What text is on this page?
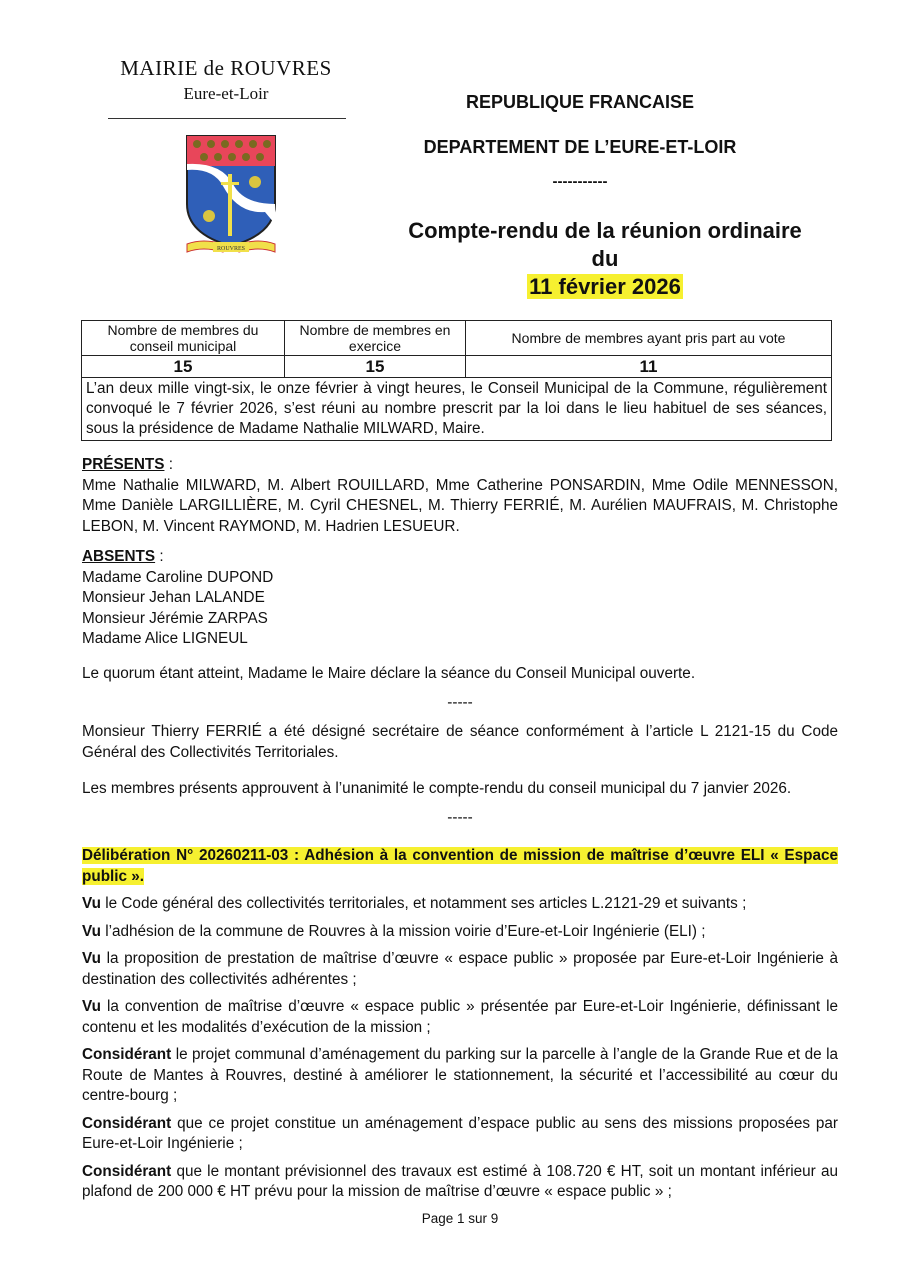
MAIRIE de ROUVRES
Eure-et-Loir
ROUVRES
REPUBLIQUE FRANCAISE
DEPARTEMENT DE L’EURE-ET-LOIR
-----------
Compte-rendu de la réunion ordinaire
du
11 février 2026
Nombre de membres du conseil municipal	Nombre de membres en exercice	Nombre de membres ayant pris part au vote
15	15	11
L’an deux mille vingt-six, le onze février à vingt heures, le Conseil Municipal de la Commune, régulièrement convoqué le 7 février 2026, s’est réuni au nombre prescrit par la loi dans le lieu habituel de ses séances, sous la présidence de Madame Nathalie MILWARD, Maire.		
PRÉSENTS :
Mme Nathalie MILWARD, M. Albert ROUILLARD, Mme Catherine PONSARDIN, Mme Odile MENNESSON, Mme Danièle LARGILLIÈRE, M. Cyril CHESNEL, M. Thierry FERRIÉ, M. Aurélien MAUFRAIS, M. Christophe LEBON, M. Vincent RAYMOND, M. Hadrien LESUEUR.
ABSENTS :
Madame Caroline DUPOND
Monsieur Jehan LALANDE
Monsieur Jérémie ZARPAS
Madame Alice LIGNEUL
Le quorum étant atteint, Madame le Maire déclare la séance du Conseil Municipal ouverte.
-----
Monsieur Thierry FERRIÉ a été désigné secrétaire de séance conformément à l’article L 2121-15 du Code Général des Collectivités Territoriales.
Les membres présents approuvent à l’unanimité le compte-rendu du conseil municipal du 7 janvier 2026.
-----
Délibération N° 20260211-03 : Adhésion à la convention de mission de maîtrise d’œuvre ELI « Espace public ».
Vu le Code général des collectivités territoriales, et notamment ses articles L.2121-29 et suivants ;
Vu l’adhésion de la commune de Rouvres à la mission voirie d’Eure-et-Loir Ingénierie (ELI) ;
Vu la proposition de prestation de maîtrise d’œuvre « espace public » proposée par Eure-et-Loir Ingénierie à destination des collectivités adhérentes ;
Vu la convention de maîtrise d’œuvre « espace public » présentée par Eure-et-Loir Ingénierie, définissant le contenu et les modalités d’exécution de la mission ;
Considérant le projet communal d’aménagement du parking sur la parcelle à l’angle de la Grande Rue et de la Route de Mantes à Rouvres, destiné à améliorer le stationnement, la sécurité et l’accessibilité au cœur du centre-bourg ;
Considérant que ce projet constitue un aménagement d’espace public au sens des missions proposées par Eure-et-Loir Ingénierie ;
Considérant que le montant prévisionnel des travaux est estimé à 108.720 € HT, soit un montant inférieur au plafond de 200 000 € HT prévu pour la mission de maîtrise d’œuvre « espace public » ;
Page 1 sur 9
